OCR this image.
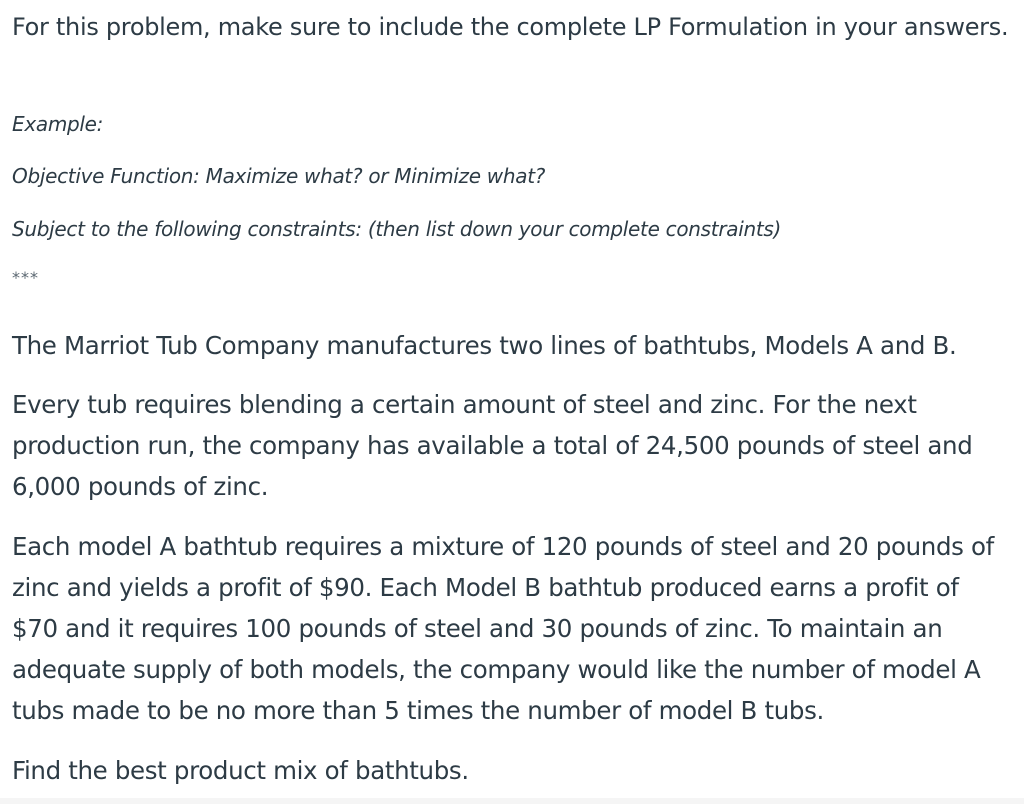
For this problem, make sure to include the complete LP Formulation in your answers.

Example:

Objective Function: Maximize what? or Minimize what?

Subject to the following constraints: (then list down your complete constraints)

***

The Marriot Tub Company manufactures two lines of bathtubs, Models A and B.

Every tub requires blending a certain amount of steel and zinc. For the next production run, the company has available a total of 24,500 pounds of steel and 6,000 pounds of zinc.

Each model A bathtub requires a mixture of 120 pounds of steel and 20 pounds of zinc and yields a profit of $90. Each Model B bathtub produced earns a profit of $70 and it requires 100 pounds of steel and 30 pounds of zinc. To maintain an adequate supply of both models, the company would like the number of model A tubs made to be no more than 5 times the number of model B tubs.

Find the best product mix of bathtubs.
